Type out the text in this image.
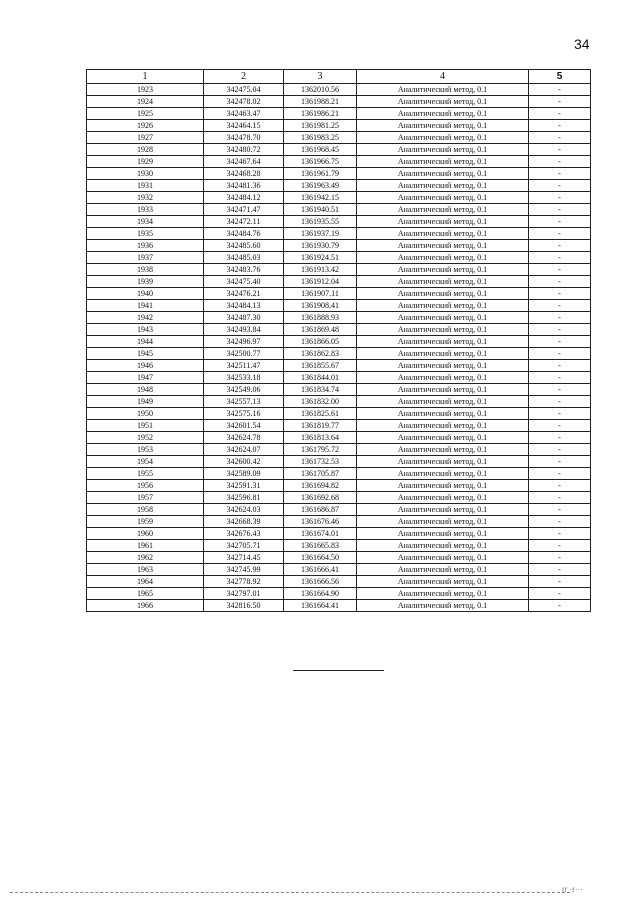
34
1	2	3	4	5
1923	342475.04	1362010.56	Аналитический метод, 0.1	-
1924	342478.02	1361988.21	Аналитический метод, 0.1	-
1925	342463.47	1361986.21	Аналитический метод, 0.1	-
1926	342464.15	1361981.25	Аналитический метод, 0.1	-
1927	342478.70	1361983.25	Аналитический метод, 0.1	-
1928	342480.72	1361968.45	Аналитический метод, 0.1	-
1929	342467.64	1361966.75	Аналитический метод, 0.1	-
1930	342468.28	1361961.79	Аналитический метод, 0.1	-
1931	342481.36	1361963.49	Аналитический метод, 0.1	-
1932	342484.12	1361942.15	Аналитический метод, 0.1	-
1933	342471.47	1361940.51	Аналитический метод, 0.1	-
1934	342472.11	1361935.55	Аналитический метод, 0.1	-
1935	342484.76	1361937.19	Аналитический метод, 0.1	-
1936	342485.60	1361930.79	Аналитический метод, 0.1	-
1937	342485.03	1361924.51	Аналитический метод, 0.1	-
1938	342483.76	1361913.42	Аналитический метод, 0.1	-
1939	342475.40	1361912.04	Аналитический метод, 0.1	-
1940	342476.21	1361907.11	Аналитический метод, 0.1	-
1941	342484.13	1361908.41	Аналитический метод, 0.1	-
1942	342487.30	1361888.93	Аналитический метод, 0.1	-
1943	342493.84	1361869.48	Аналитический метод, 0.1	-
1944	342496.97	1361866.05	Аналитический метод, 0.1	-
1945	342500.77	1361862.83	Аналитический метод, 0.1	-
1946	342511.47	1361855.67	Аналитический метод, 0.1	-
1947	342533.18	1361844.01	Аналитический метод, 0.1	-
1948	342549.06	1361834.74	Аналитический метод, 0.1	-
1949	342557.13	1361832.00	Аналитический метод, 0.1	-
1950	342575.16	1361825.61	Аналитический метод, 0.1	-
1951	342601.54	1361819.77	Аналитический метод, 0.1	-
1952	342624.78	1361813.64	Аналитический метод, 0.1	-
1953	342624.07	1361795.72	Аналитический метод, 0.1	-
1954	342600.42	1361732.53	Аналитический метод, 0.1	-
1955	342589.09	1361705.87	Аналитический метод, 0.1	-
1956	342591.31	1361694.82	Аналитический метод, 0.1	-
1957	342596.81	1361692.68	Аналитический метод, 0.1	-
1958	342624.03	1361686.87	Аналитический метод, 0.1	-
1959	342668.39	1361676.46	Аналитический метод, 0.1	-
1960	342676.43	1361674.01	Аналитический метод, 0.1	-
1961	342705.71	1361665.83	Аналитический метод, 0.1	-
1962	342714.45	1361664.50	Аналитический метод, 0.1	-
1963	342745.99	1361666.41	Аналитический метод, 0.1	-
1964	342778.92	1361666.56	Аналитический метод, 0.1	-
1965	342797.01	1361664.90	Аналитический метод, 0.1	-
1966	342816.50	1361664.41	Аналитический метод, 0.1	-
rr ·r···
